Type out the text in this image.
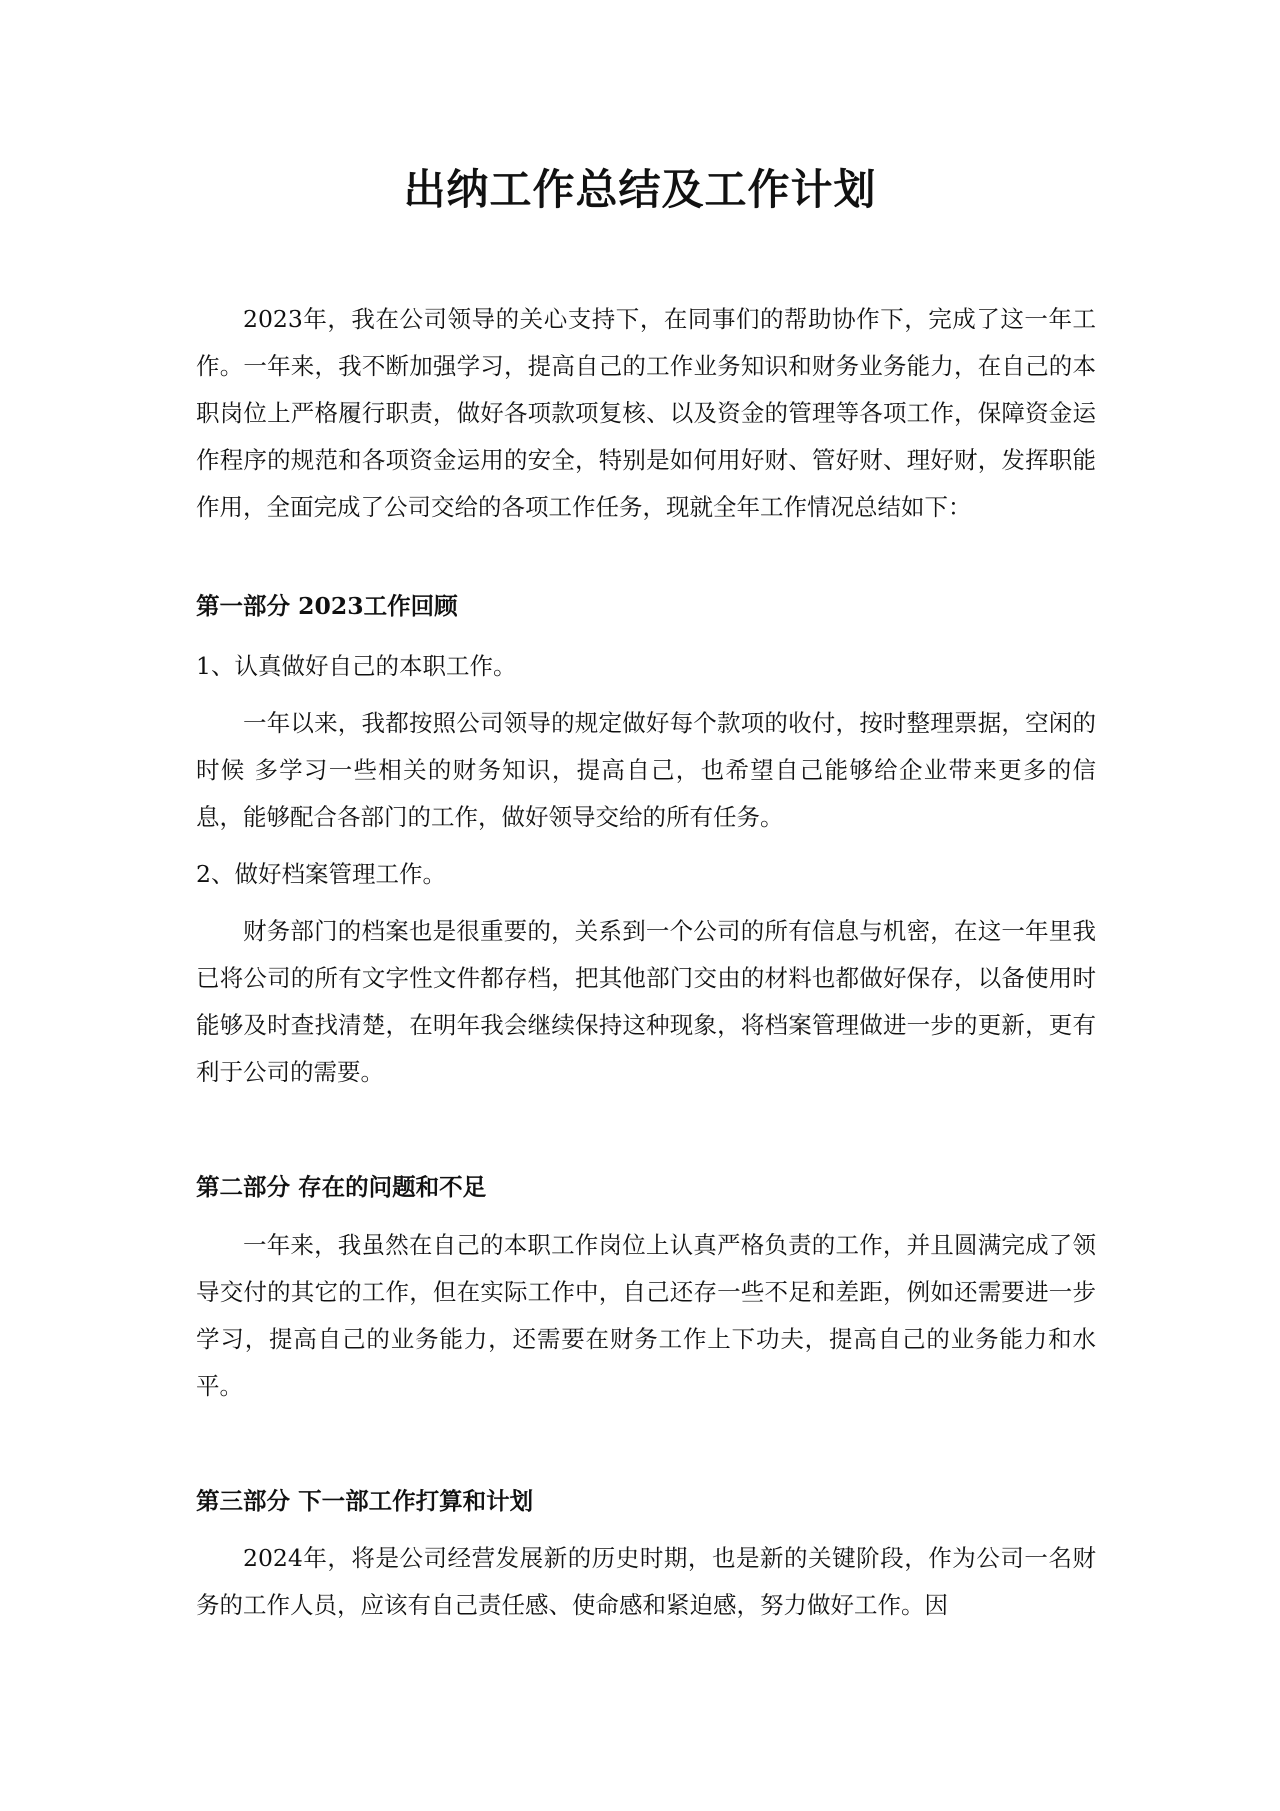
出纳工作总结及工作计划

2023年，我在公司领导的关心支持下，在同事们的帮助协作下，完成了这一年工作。一年来，我不断加强学习，提高自己的工作业务知识和财务业务能力，在自己的本职岗位上严格履行职责，做好各项款项复核、以及资金的管理等各项工作，保障资金运作程序的规范和各项资金运用的安全，特别是如何用好财、管好财、理好财，发挥职能作用，全面完成了公司交给的各项工作任务，现就全年工作情况总结如下：

第一部分 2023工作回顾

1、认真做好自己的本职工作。

一年以来，我都按照公司领导的规定做好每个款项的收付，按时整理票据，空闲的时候 多学习一些相关的财务知识，提高自己，也希望自己能够给企业带来更多的信息，能够配合各部门的工作，做好领导交给的所有任务。

2、做好档案管理工作。

财务部门的档案也是很重要的，关系到一个公司的所有信息与机密，在这一年里我已将公司的所有文字性文件都存档，把其他部门交由的材料也都做好保存，以备使用时能够及时查找清楚，在明年我会继续保持这种现象，将档案管理做进一步的更新，更有利于公司的需要。

第二部分 存在的问题和不足

一年来，我虽然在自己的本职工作岗位上认真严格负责的工作，并且圆满完成了领导交付的其它的工作，但在实际工作中，自己还存一些不足和差距，例如还需要进一步学习，提高自己的业务能力，还需要在财务工作上下功夫，提高自己的业务能力和水平。

第三部分 下一部工作打算和计划

2024年，将是公司经营发展新的历史时期，也是新的关键阶段，作为公司一名财务的工作人员，应该有自己责任感、使命感和紧迫感，努力做好工作。因
